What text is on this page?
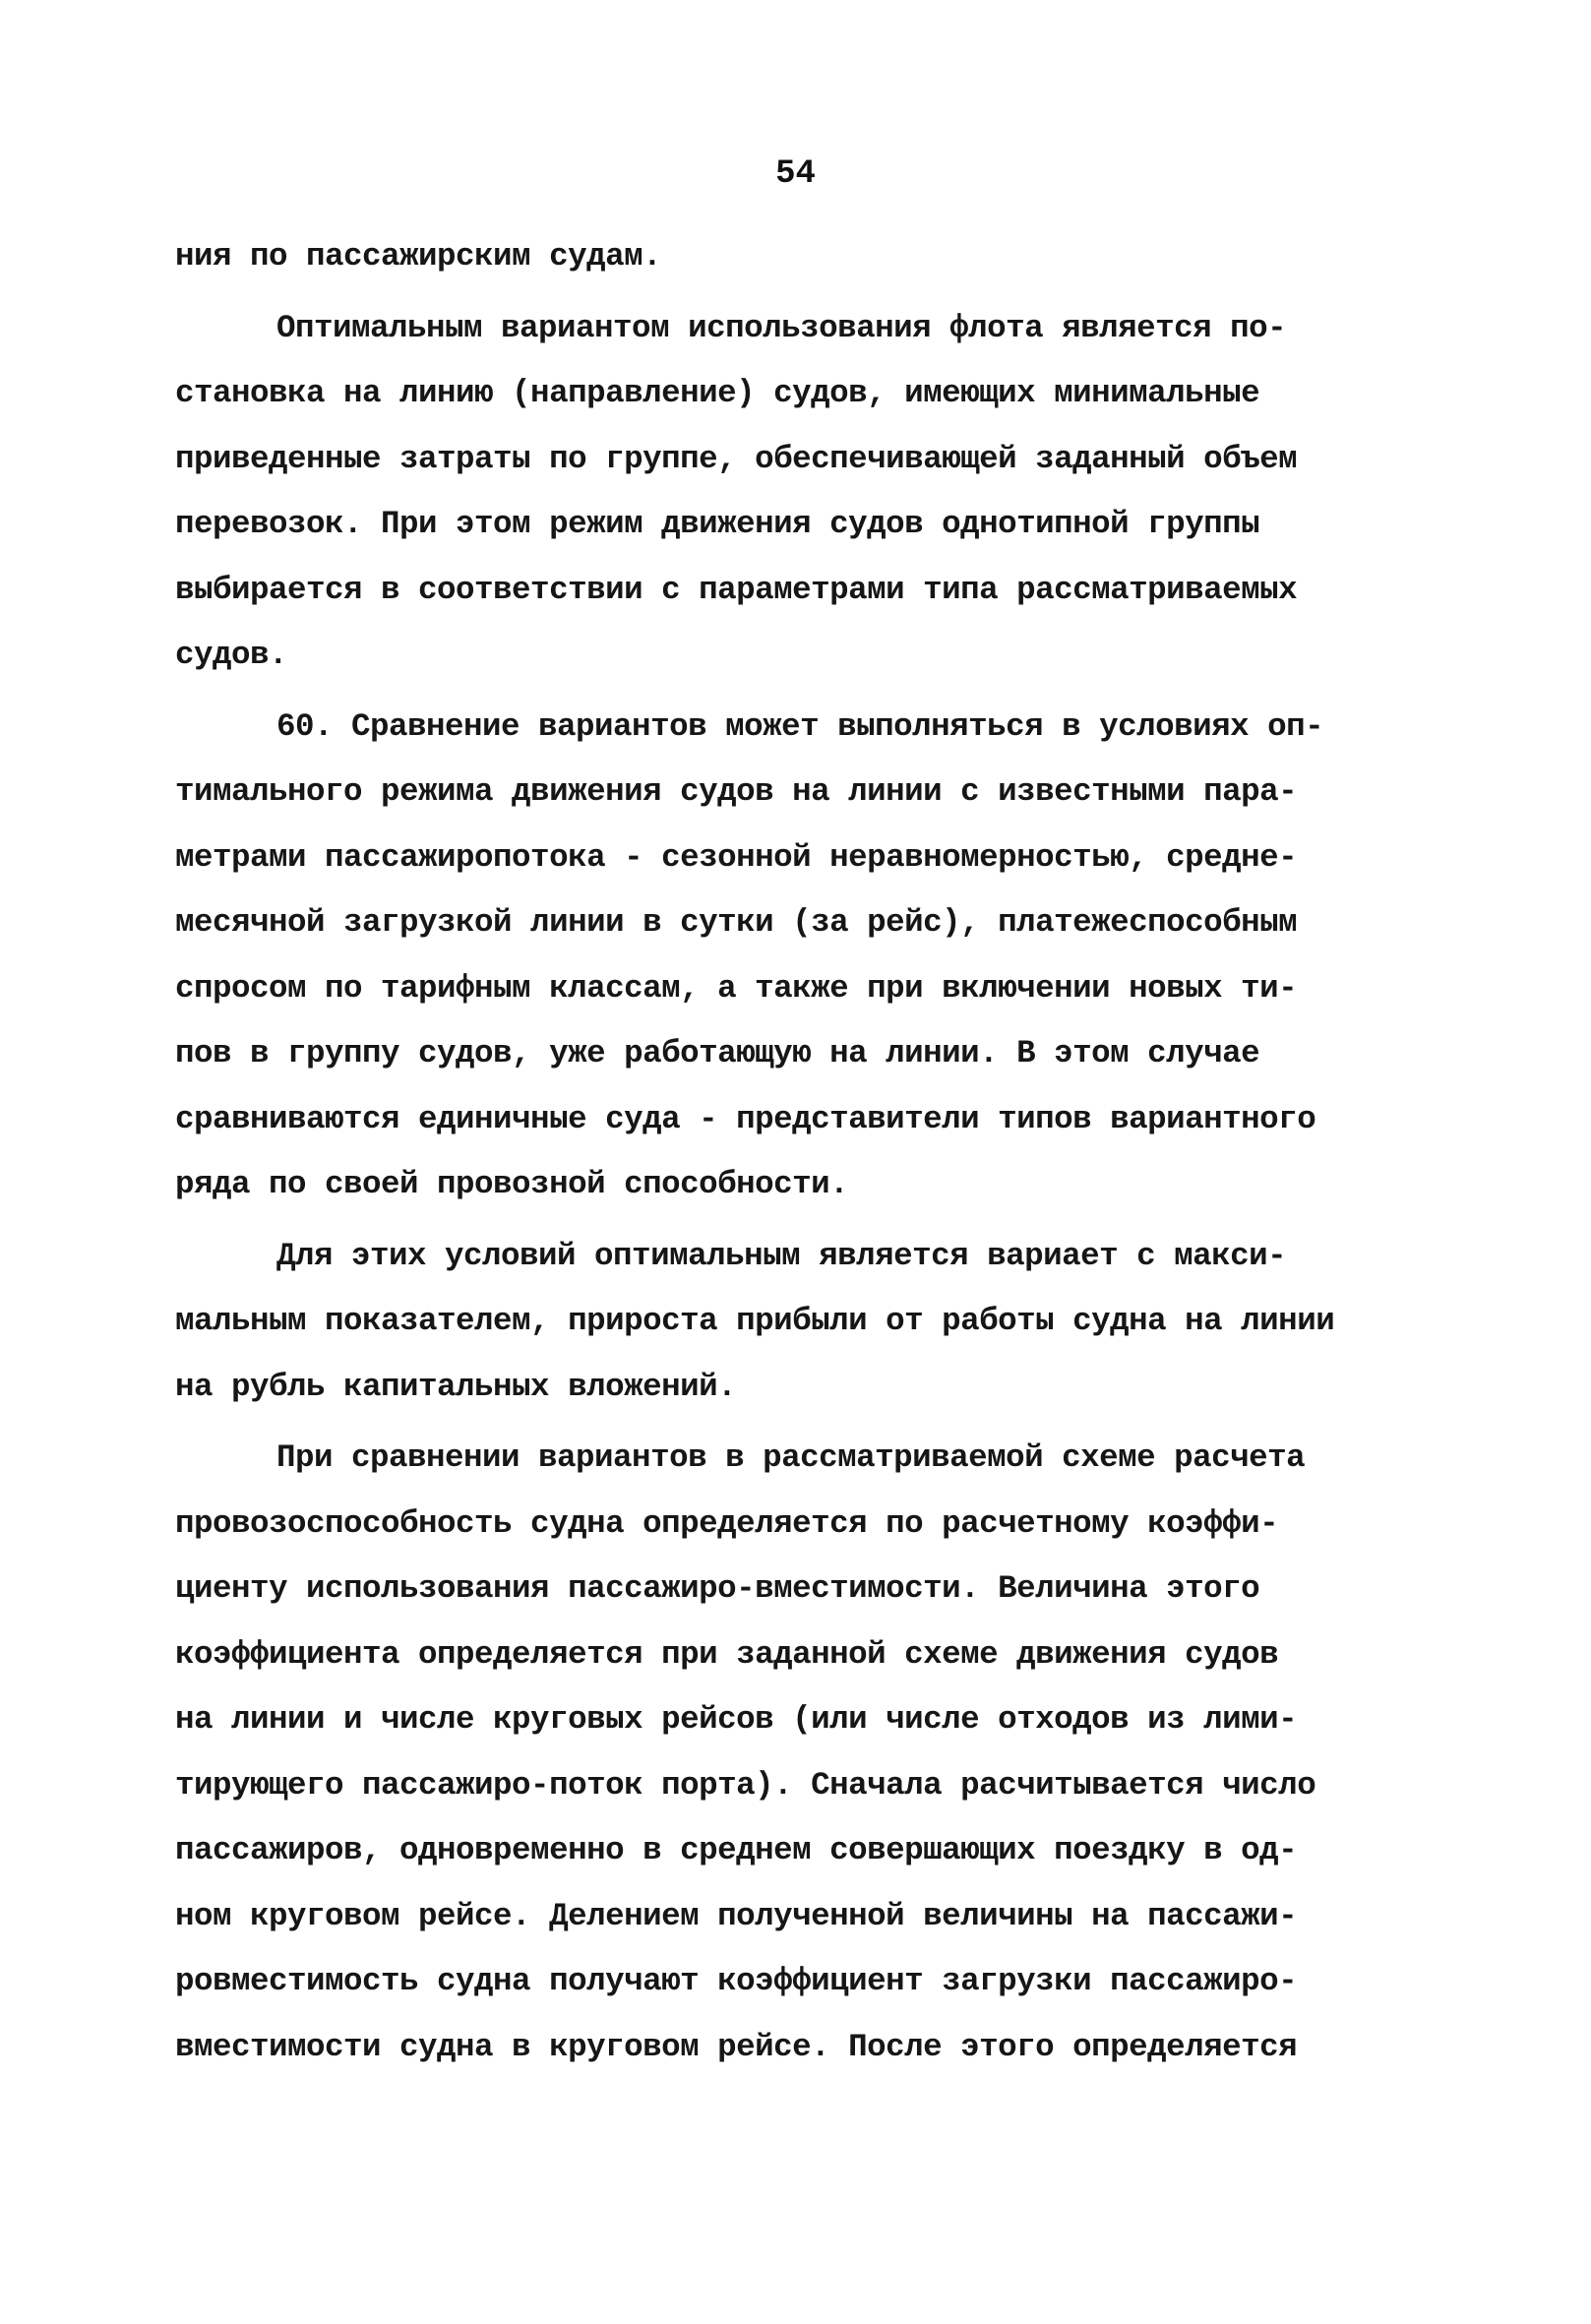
54
ния по пассажирским судам.
Оптимальным вариантом использования флота является по-
становка на линию (направление) судов, имеющих минимальные
приведенные затраты по группе, обеспечивающей заданный объем
перевозок. При этом режим движения судов однотипной группы
выбирается в соответствии с параметрами типа рассматриваемых
судов.
60. Сравнение вариантов может выполняться в условиях оп-
тимального режима движения судов на линии с известными пара-
метрами пассажиропотока - сезонной неравномерностью, средне-
месячной загрузкой линии в сутки (за рейс), платежеспособным
спросом по тарифным классам, а также при включении новых ти-
пов в группу судов, уже работающую на линии. В этом случае
сравниваются единичные суда - представители типов вариантного
ряда по своей провозной способности.
Для этих условий оптимальным является вариает с макси-
мальным показателем, прироста прибыли от работы судна на линии
на рубль капитальных вложений.
При сравнении вариантов в рассматриваемой схеме расчета
провозоспособность судна определяется по расчетному коэффи-
циенту использования пассажиро-вместимости. Величина этого
коэффициента определяется при заданной схеме движения судов
на линии и числе круговых рейсов (или числе отходов из лими-
тирующего пассажиро-поток порта). Сначала расчитывается число
пассажиров, одновременно в среднем совершающих поездку в од-
ном круговом рейсе. Делением полученной величины на пассажи-
ровместимость судна получают коэффициент загрузки пассажиро-
вместимости судна в круговом рейсе. После этого определяется
